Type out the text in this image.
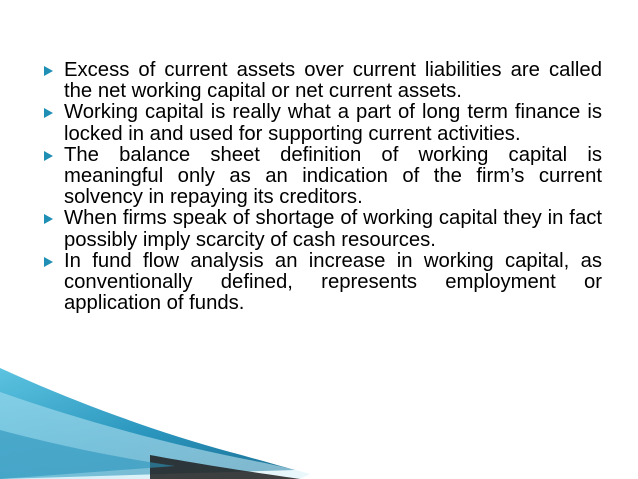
Excess of current assets over current liabilities are called the net working capital or net current assets.
Working capital is really what a part of long term finance is locked in and used for supporting current activities.
The balance sheet definition of working capital is meaningful only as an indication of the firm’s current solvency in repaying its creditors.
When firms speak of shortage of working capital they in fact possibly imply scarcity of cash resources.
In fund flow analysis an increase in working capital, as conventionally defined, represents employment or application of funds.
